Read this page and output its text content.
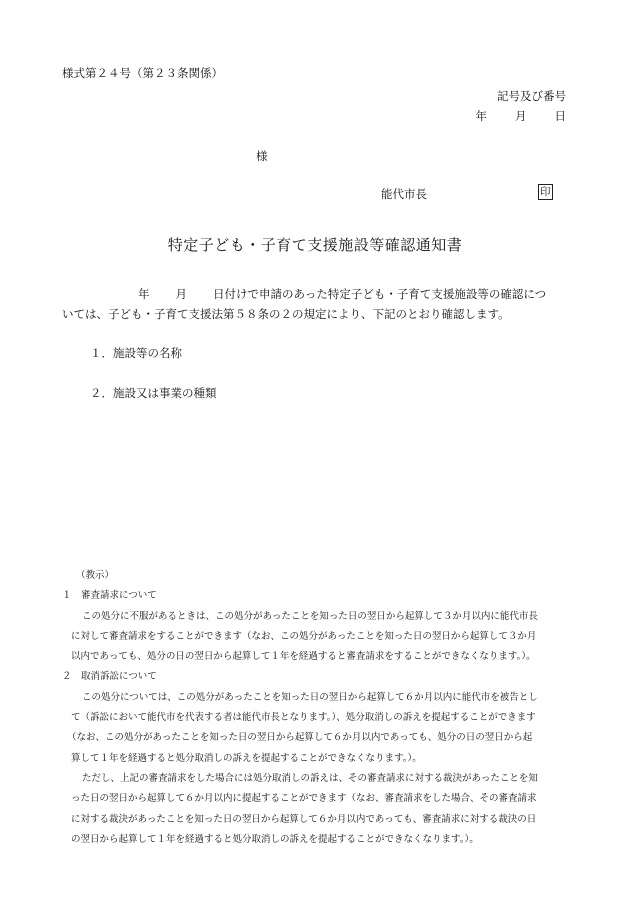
様式第２４号（第２３条関係）
記号及び番号
年 月 日
様
能代市長	印
特定子ども・子育て支援施設等確認通知書
年 月 日付けで申請のあった特定子ども・子育て支援施設等の確認につ
いては、子ども・子育て支援法第５８条の２の規定により、下記のとおり確認します。
１．施設等の名称
２．施設又は事業の種類
（教示）
１　審査請求について
この処分に不服があるときは、この処分があったことを知った日の翌日から起算して３か月以内に能代市長
に対して審査請求をすることができます（なお、この処分があったことを知った日の翌日から起算して３か月
以内であっても、処分の日の翌日から起算して１年を経過すると審査請求をすることができなくなります。）。
２　取消訴訟について
この処分については、この処分があったことを知った日の翌日から起算して６か月以内に能代市を被告とし
て（訴訟において能代市を代表する者は能代市長となります。）、処分取消しの訴えを提起することができます
（なお、この処分があったことを知った日の翌日から起算して６か月以内であっても、処分の日の翌日から起
算して１年を経過すると処分取消しの訴えを提起することができなくなります。）。
ただし、上記の審査請求をした場合には処分取消しの訴えは、その審査請求に対する裁決があったことを知
った日の翌日から起算して６か月以内に提起することができます（なお、審査請求をした場合、その審査請求
に対する裁決があったことを知った日の翌日から起算して６か月以内であっても、審査請求に対する裁決の日
の翌日から起算して１年を経過すると処分取消しの訴えを提起することができなくなります。）。
